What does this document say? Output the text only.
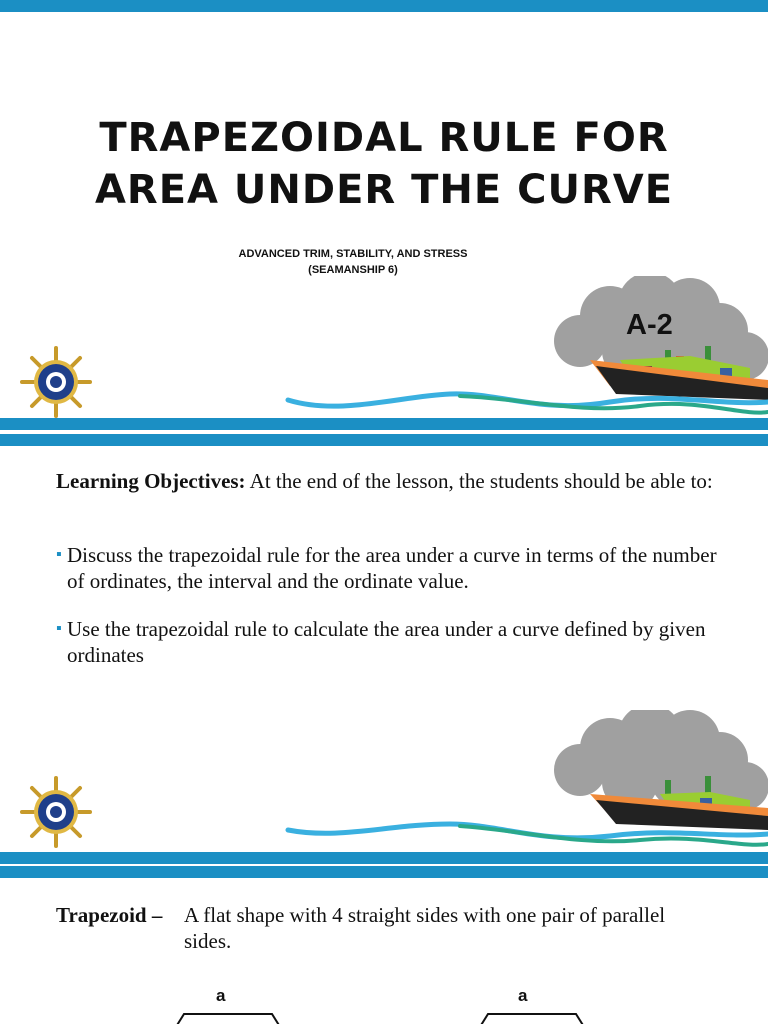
TRAPEZOIDAL RULE FOR
AREA UNDER THE CURVE
ADVANCED TRIM, STABILITY, AND STRESS
(SEAMANSHIP 6)
A-2
Learning Objectives: At the end of the lesson, the students should be able to:
▪ Discuss the trapezoidal rule for the area under a curve in terms of the number of ordinates, the interval and the ordinate value.
▪ Use the trapezoidal rule to calculate the area under a curve defined by given ordinates
Trapezoid – A flat shape with 4 straight sides with one pair of parallel sides.
a	a
